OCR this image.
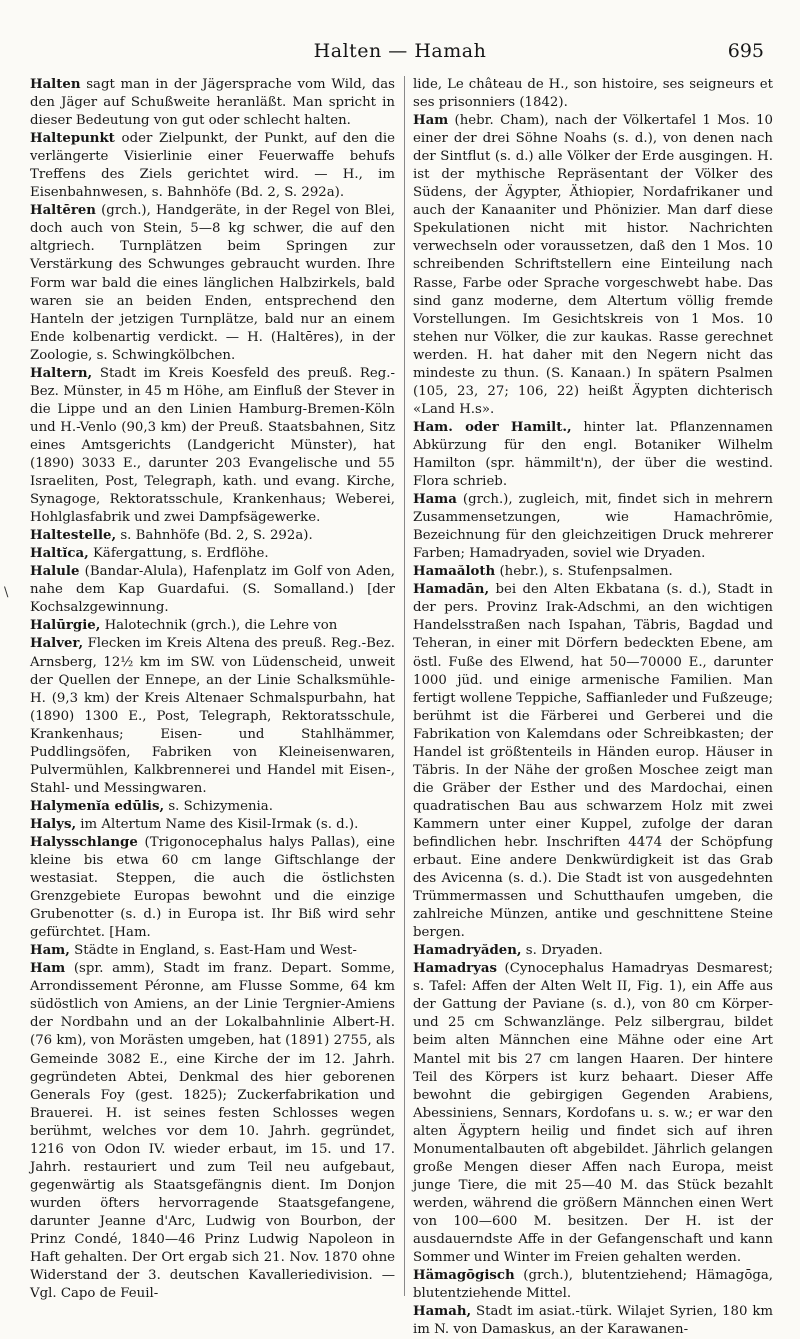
Halten — Hamah	695
\

Halten sagt man in der Jägersprache vom Wild, das den Jäger auf Schußweite heranläßt. Man spricht in dieser Bedeutung von gut oder schlecht halten.

Haltepunkt oder Zielpunkt, der Punkt, auf den die verlängerte Visierlinie einer Feuerwaffe behufs Treffens des Ziels gerichtet wird. — H., im Eisenbahnwesen, s. Bahnhöfe (Bd. 2, S. 292a).

Haltēren (grch.), Handgeräte, in der Regel von Blei, doch auch von Stein, 5—8 kg schwer, die auf den altgriech. Turnplätzen beim Springen zur Verstärkung des Schwunges gebraucht wurden. Ihre Form war bald die eines länglichen Halbzirkels, bald waren sie an beiden Enden, entsprechend den Hanteln der jetzigen Turnplätze, bald nur an einem Ende kolbenartig verdickt. — H. (Haltēres), in der Zoologie, s. Schwingkölbchen.

Haltern, Stadt im Kreis Koesfeld des preuß. Reg.-Bez. Münster, in 45 m Höhe, am Einfluß der Stever in die Lippe und an den Linien Hamburg-Bremen-Köln und H.-Venlo (90,3 km) der Preuß. Staatsbahnen, Sitz eines Amtsgerichts (Landgericht Münster), hat (1890) 3033 E., darunter 203 Evangelische und 55 Israeliten, Post, Telegraph, kath. und evang. Kirche, Synagoge, Rektoratsschule, Krankenhaus; Weberei, Hohlglasfabrik und zwei Dampfsägewerke.

Haltestelle, s. Bahnhöfe (Bd. 2, S. 292a).

Haltĭca, Käfergattung, s. Erdflöhe.

Halule (Bandar-Alula), Hafenplatz im Golf von Aden, nahe dem Kap Guardafui. (S. Somalland.) [der Kochsalzgewinnung.

Halūrgie, Halotechnik (grch.), die Lehre von

Halver, Flecken im Kreis Altena des preuß. Reg.-Bez. Arnsberg, 12½ km im SW. von Lüdenscheid, unweit der Quellen der Ennepe, an der Linie Schalksmühle-H. (9,3 km) der Kreis Altenaer Schmalspurbahn, hat (1890) 1300 E., Post, Telegraph, Rektoratsschule, Krankenhaus; Eisen- und Stahlhämmer, Puddlingsöfen, Fabriken von Kleineisenwaren, Pulvermühlen, Kalkbrennerei und Handel mit Eisen-, Stahl- und Messingwaren.

Halymenĭa edūlis, s. Schizymenia.

Halys, im Altertum Name des Kisil-Irmak (s. d.).

Halysschlange (Trigonocephalus halys Pallas), eine kleine bis etwa 60 cm lange Giftschlange der westasiat. Steppen, die auch die östlichsten Grenzgebiete Europas bewohnt und die einzige Grubenotter (s. d.) in Europa ist. Ihr Biß wird sehr gefürchtet. [Ham.

Ham, Städte in England, s. East-Ham und West-

Ham (spr. amm), Stadt im franz. Depart. Somme, Arrondissement Péronne, am Flusse Somme, 64 km südöstlich von Amiens, an der Linie Tergnier-Amiens der Nordbahn und an der Lokalbahnlinie Albert-H. (76 km), von Morästen umgeben, hat (1891) 2755, als Gemeinde 3082 E., eine Kirche der im 12. Jahrh. gegründeten Abtei, Denkmal des hier geborenen Generals Foy (gest. 1825); Zuckerfabrikation und Brauerei. H. ist seines festen Schlosses wegen berühmt, welches vor dem 10. Jahrh. gegründet, 1216 von Odon IV. wieder erbaut, im 15. und 17. Jahrh. restauriert und zum Teil neu aufgebaut, gegenwärtig als Staatsgefängnis dient. Im Donjon wurden öfters hervorragende Staatsgefangene, darunter Jeanne d'Arc, Ludwig von Bourbon, der Prinz Condé, 1840—46 Prinz Ludwig Napoleon in Haft gehalten. Der Ort ergab sich 21. Nov. 1870 ohne Widerstand der 3. deutschen Kavalleriedivision. — Vgl. Capo de Feuil-

lide, Le château de H., son histoire, ses seigneurs et ses prisonniers (1842).

Ham (hebr. Cham), nach der Völkertafel 1 Mos. 10 einer der drei Söhne Noahs (s. d.), von denen nach der Sintflut (s. d.) alle Völker der Erde ausgingen. H. ist der mythische Repräsentant der Völker des Südens, der Ägypter, Äthiopier, Nordafrikaner und auch der Kanaaniter und Phönizier. Man darf diese Spekulationen nicht mit histor. Nachrichten verwechseln oder voraussetzen, daß den 1 Mos. 10 schreibenden Schriftstellern eine Einteilung nach Rasse, Farbe oder Sprache vorgeschwebt habe. Das sind ganz moderne, dem Altertum völlig fremde Vorstellungen. Im Gesichtskreis von 1 Mos. 10 stehen nur Völker, die zur kaukas. Rasse gerechnet werden. H. hat daher mit den Negern nicht das mindeste zu thun. (S. Kanaan.) In spätern Psalmen (105, 23, 27; 106, 22) heißt Ägypten dichterisch «Land H.s».

Ham. oder Hamilt., hinter lat. Pflanzennamen Abkürzung für den engl. Botaniker Wilhelm Hamilton (spr. hämmilt'n), der über die westind. Flora schrieb.

Hama (grch.), zugleich, mit, findet sich in mehrern Zusammensetzungen, wie Hamachrōmie, Bezeichnung für den gleichzeitigen Druck mehrerer Farben; Hamadryaden, soviel wie Dryaden.

Hamaăloth (hebr.), s. Stufenpsalmen.

Hamadān, bei den Alten Ekbatana (s. d.), Stadt in der pers. Provinz Irak-Adschmi, an den wichtigen Handelsstraßen nach Ispahan, Täbris, Bagdad und Teheran, in einer mit Dörfern bedeckten Ebene, am östl. Fuße des Elwend, hat 50—70000 E., darunter 1000 jüd. und einige armenische Familien. Man fertigt wollene Teppiche, Saffianleder und Fußzeuge; berühmt ist die Färberei und Gerberei und die Fabrikation von Kalemdans oder Schreibkasten; der Handel ist größtenteils in Händen europ. Häuser in Täbris. In der Nähe der großen Moschee zeigt man die Gräber der Esther und des Mardochai, einen quadratischen Bau aus schwarzem Holz mit zwei Kammern unter einer Kuppel, zufolge der daran befindlichen hebr. Inschriften 4474 der Schöpfung erbaut. Eine andere Denkwürdigkeit ist das Grab des Avicenna (s. d.). Die Stadt ist von ausgedehnten Trümmermassen und Schutthaufen umgeben, die zahlreiche Münzen, antike und geschnittene Steine bergen.

Hamadryăden, s. Dryaden.

Hamadryas (Cynocephalus Hamadryas Desmarest; s. Tafel: Affen der Alten Welt II, Fig. 1), ein Affe aus der Gattung der Paviane (s. d.), von 80 cm Körper- und 25 cm Schwanzlänge. Pelz silbergrau, bildet beim alten Männchen eine Mähne oder eine Art Mantel mit bis 27 cm langen Haaren. Der hintere Teil des Körpers ist kurz behaart. Dieser Affe bewohnt die gebirgigen Gegenden Arabiens, Abessiniens, Sennars, Kordofans u. s. w.; er war den alten Ägyptern heilig und findet sich auf ihren Monumentalbauten oft abgebildet. Jährlich gelangen große Mengen dieser Affen nach Europa, meist junge Tiere, die mit 25—40 M. das Stück bezahlt werden, während die größern Männchen einen Wert von 100—600 M. besitzen. Der H. ist der ausdauerndste Affe in der Gefangenschaft und kann Sommer und Winter im Freien gehalten werden.

Hämagōgisch (grch.), blutentziehend; Hämagōga, blutentziehende Mittel.

Hamah, Stadt im asiat.-türk. Wilajet Syrien, 180 km im N. von Damaskus, an der Karawanen-
